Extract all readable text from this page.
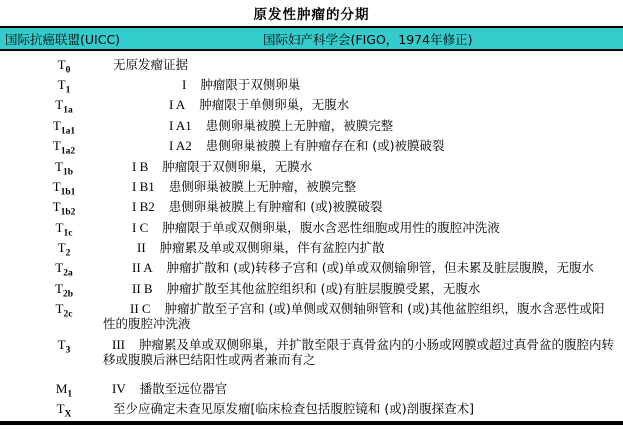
原发性肿瘤的分期
国际抗癌联盟(UICC)	国际妇产科学会(FIGO，1974年修正)
$T_0$	无原发瘤证据
$T_1$	I 肿瘤限于双侧卵巢
$T_{1a}$	I A 肿瘤限于单侧卵巢，无腹水
$T_{1a1}$	I A1 患侧卵巢被膜上无肿瘤，被膜完整
$T_{1a2}$	I A2 患侧卵巢被膜上有肿瘤存在和 (或)被膜破裂
$T_{1b}$	I B 肿瘤限于双侧卵巢，无膜水
$T_{1b1}$	I B1 患侧卵巢被膜上无肿瘤，被膜完整
$T_{1b2}$	I B2 患侧卵巢被膜上有肿瘤和 (或)被膜破裂
$T_{1c}$	I C 肿瘤限于单或双侧卵巢，腹水含恶性细胞或用性的腹腔冲洗液
$T_2$	II 肿瘤累及单或双侧卵巢，伴有盆腔内扩散
$T_{2a}$	II A 肿瘤扩散和 (或)转移子宫和 (或)单或双侧输卵管，但未累及脏层腹膜，无腹水
$T_{2b}$	II B 肿瘤扩散至其他盆腔组织和 (或)有脏层腹膜受累，无腹水
$T_{2c}$	II C 肿瘤扩散至子宫和 (或)单侧或双侧轴卵管和 (或)其他盆腔组织，腹水含恶性或阳性的腹腔冲洗液
$T_3$	III 肿瘤累及单或双侧卵巢，并扩散至限于真骨盆内的小肠或网膜或超过真骨盆的腹腔内转移或腹膜后淋巴结阳性或两者兼而有之
$M_1$	IV 播散至远位器官
$T_X$	至少应确定未查见原发瘤[临床检查包括腹腔镜和 (或)剖腹探查术]
